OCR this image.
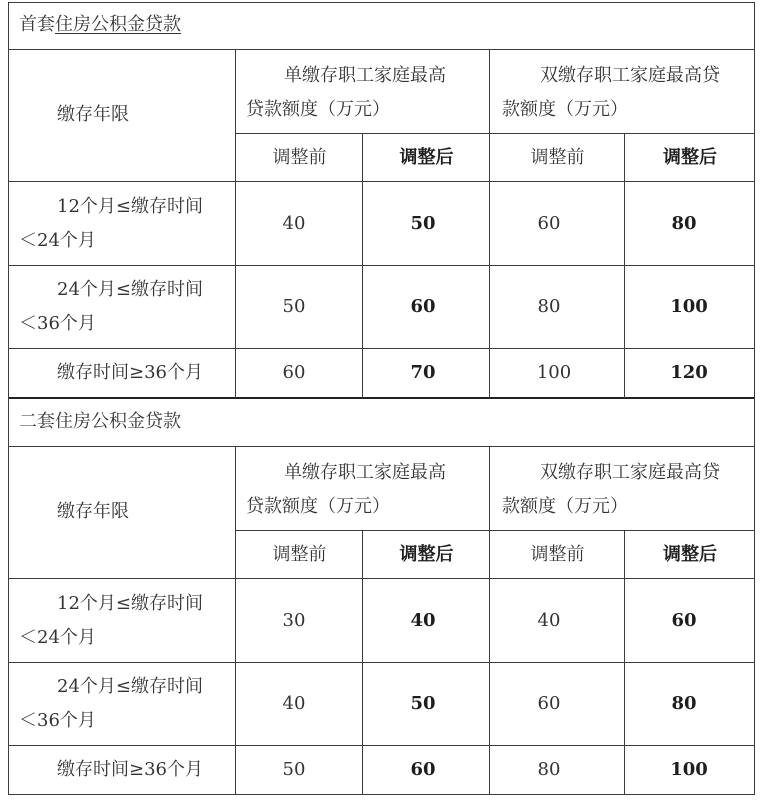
首套住房公积金贷款
缴存年限
单缴存职工家庭最高
贷款额度（万元）
双缴存职工家庭最高贷
款额度（万元）
调整前	调整后	调整前	调整后
12个月≤缴存时间
＜24个月
40	50	60	80
24个月≤缴存时间
＜36个月
50	60	80	100
缴存时间≥36个月	60	70	100	120
二套住房公积金贷款
缴存年限
单缴存职工家庭最高
贷款额度（万元）
双缴存职工家庭最高贷
款额度（万元）
调整前	调整后	调整前	调整后
12个月≤缴存时间
＜24个月
30	40	40	60
24个月≤缴存时间
＜36个月
40	50	60	80
缴存时间≥36个月	50	60	80	100
